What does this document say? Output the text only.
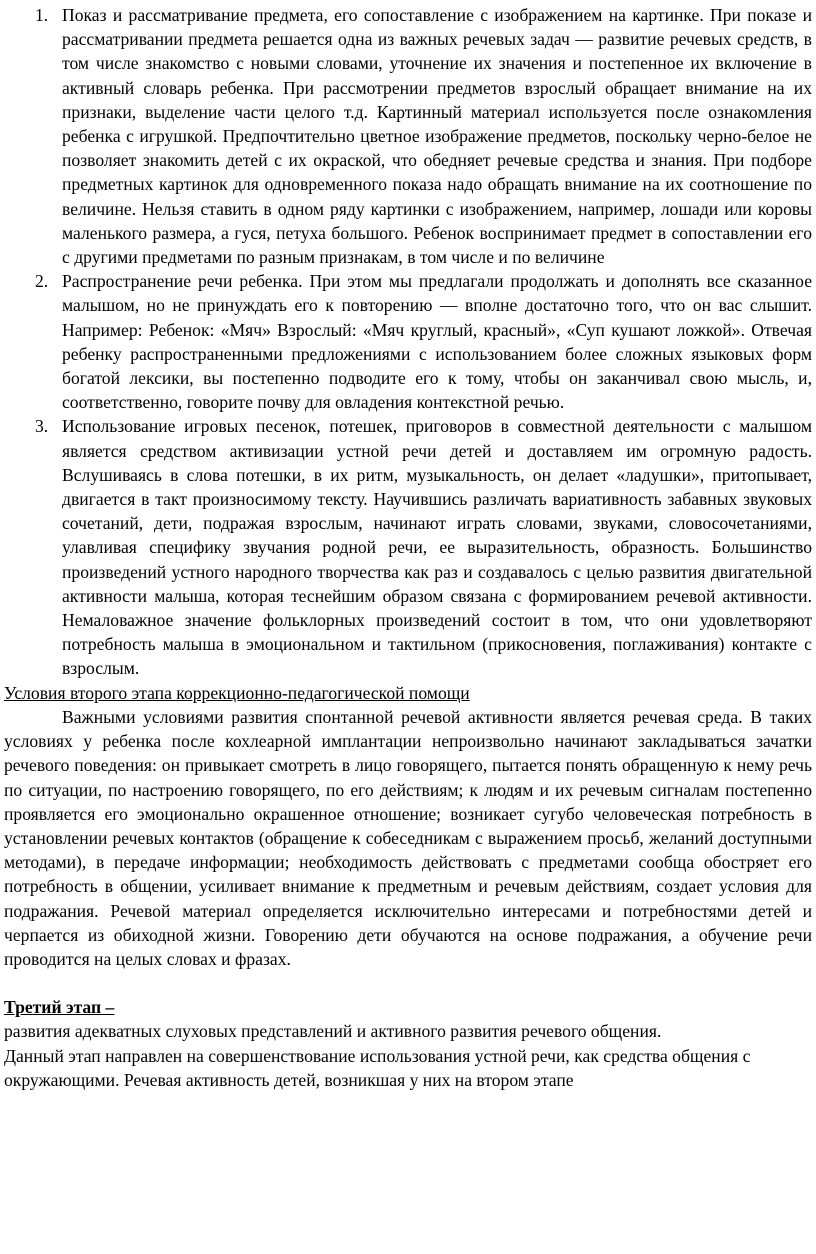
1. Показ и рассматривание предмета, его сопоставление с изображением на картинке. При показе и рассматривании предмета решается одна из важных речевых задач — развитие речевых средств, в том числе знакомство с новыми словами, уточнение их значения и постепенное их включение в активный словарь ребенка. При рассмотрении предметов взрослый обращает внимание на их признаки, выделение части целого т.д. Картинный материал используется после ознакомления ребенка с игрушкой. Предпочтительно цветное изображение предметов, поскольку черно-белое не позволяет знакомить детей с их окраской, что обедняет речевые средства и знания. При подборе предметных картинок для одновременного показа надо обращать внимание на их соотношение по величине. Нельзя ставить в одном ряду картинки с изображением, например, лошади или коровы маленького размера, а гуся, петуха большого. Ребенок воспринимает предмет в сопоставлении его с другими предметами по разным признакам, в том числе и по величине
2. Распространение речи ребенка. При этом мы предлагали продолжать и дополнять все сказанное малышом, но не принуждать его к повторению — вполне достаточно того, что он вас слышит. Например: Ребенок: «Мяч» Взрослый: «Мяч круглый, красный», «Суп кушают ложкой». Отвечая ребенку распространенными предложениями с использованием более сложных языковых форм богатой лексики, вы постепенно подводите его к тому, чтобы он заканчивал свою мысль, и, соответственно, говорите почву для овладения контекстной речью.
3. Использование игровых песенок, потешек, приговоров в совместной деятельности с малышом является средством активизации устной речи детей и доставляем им огромную радость. Вслушиваясь в слова потешки, в их ритм, музыкальность, он делает «ладушки», притопывает, двигается в такт произносимому тексту. Научившись различать вариативность забавных звуковых сочетаний, дети, подражая взрослым, начинают играть словами, звуками, словосочетаниями, улавливая специфику звучания родной речи, ее выразительность, образность. Большинство произведений устного народного творчества как раз и создавалось с целью развития двигательной активности малыша, которая теснейшим образом связана с формированием речевой активности. Немаловажное значение фольклорных произведений состоит в том, что они удовлетворяют потребность малыша в эмоциональном и тактильном (прикосновения, поглаживания) контакте с взрослым.

Условия второго этапа коррекционно-педагогической помощи

Важными условиями развития спонтанной речевой активности является речевая среда. В таких условиях у ребенка после кохлеарной имплантации непроизвольно начинают закладываться зачатки речевого поведения: он привыкает смотреть в лицо говорящего, пытается понять обращенную к нему речь по ситуации, по настроению говорящего, по его действиям; к людям и их речевым сигналам постепенно проявляется его эмоционально окрашенное отношение; возникает сугубо человеческая потребность в установлении речевых контактов (обращение к собеседникам с выражением просьб, желаний доступными методами), в передаче информации; необходимость действовать с предметами сообща обостряет его потребность в общении, усиливает внимание к предметным и речевым действиям, создает условия для подражания. Речевой материал определяется исключительно интересами и потребностями детей и черпается из обиходной жизни. Говорению дети обучаются на основе подражания, а обучение речи проводится на целых словах и фразах.

Третий этап –

развития адекватных слуховых представлений и активного развития речевого общения.

Данный этап направлен на совершенствование использования устной речи, как средства общения с окружающими. Речевая активность детей, возникшая у них на втором этапе
